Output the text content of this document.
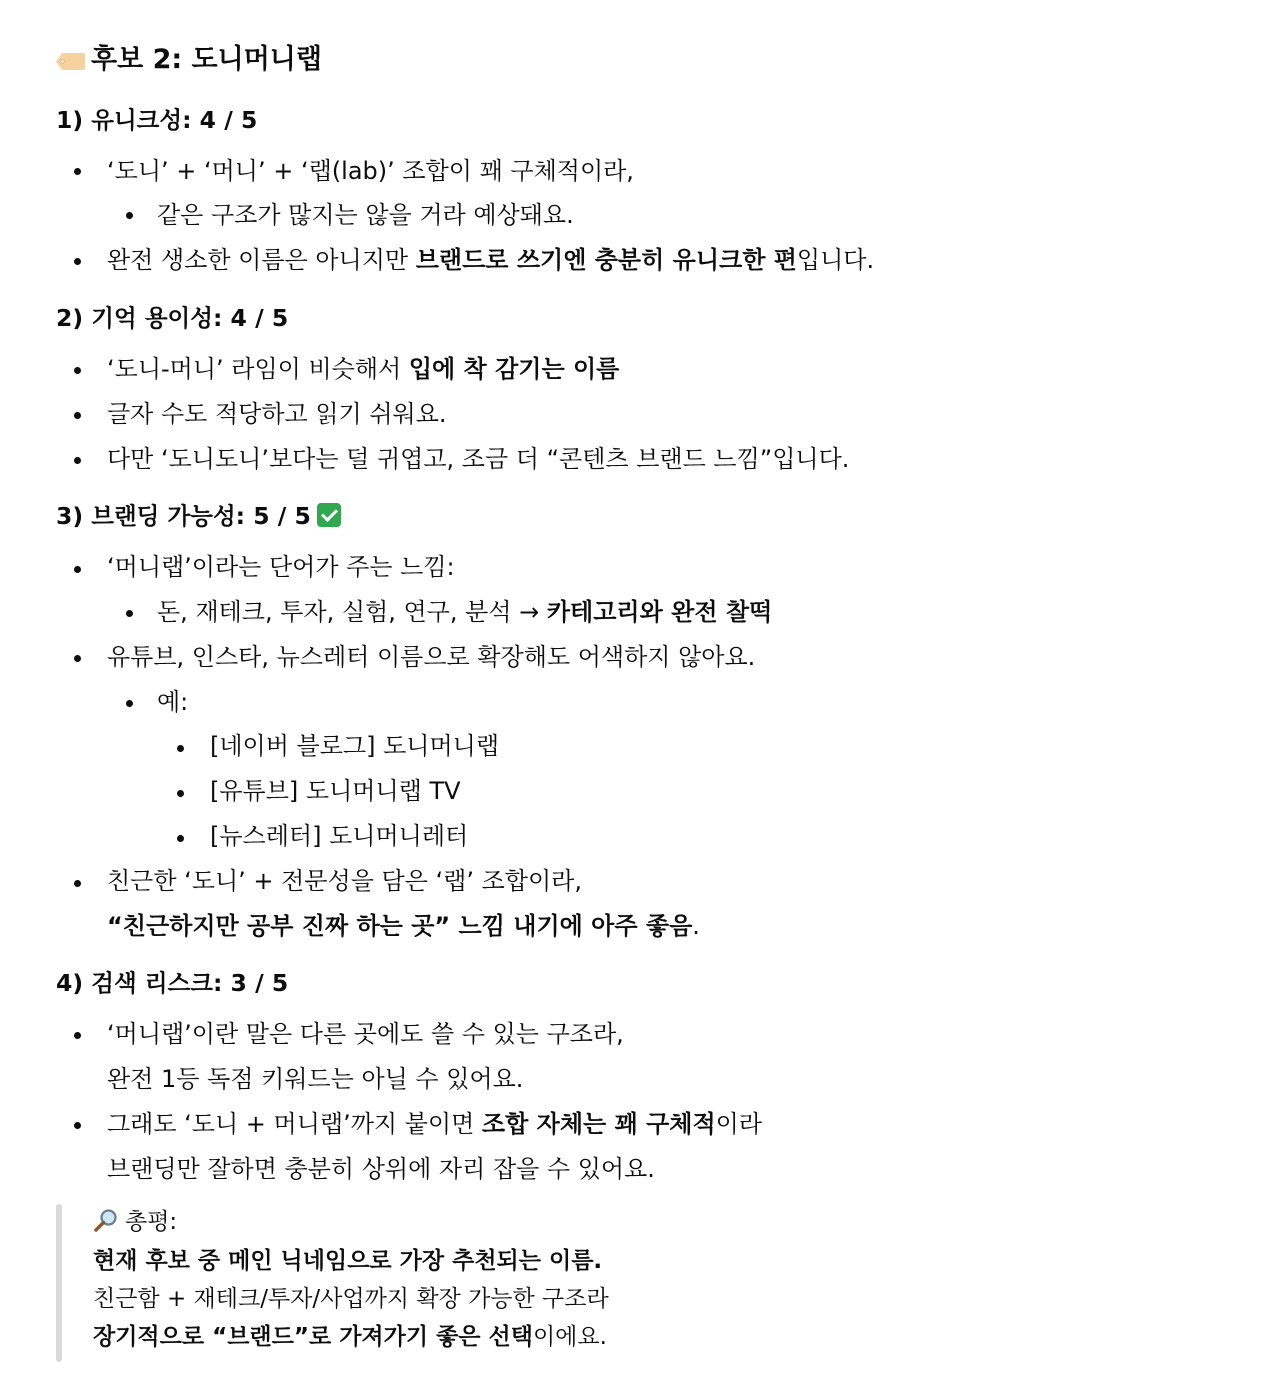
후보 2: 도니머니랩
1) 유니크성: 4 / 5
‘도니’ + ‘머니’ + ‘랩(lab)’ 조합이 꽤 구체적이라,
같은 구조가 많지는 않을 거라 예상돼요.
완전 생소한 이름은 아니지만 브랜드로 쓰기엔 충분히 유니크한 편입니다.
2) 기억 용이성: 4 / 5
‘도니-머니’ 라임이 비슷해서 입에 착 감기는 이름
글자 수도 적당하고 읽기 쉬워요.
다만 ‘도니도니’보다는 덜 귀엽고, 조금 더 “콘텐츠 브랜드 느낌”입니다.
3) 브랜딩 가능성: 5 / 5
‘머니랩’이라는 단어가 주는 느낌:
돈, 재테크, 투자, 실험, 연구, 분석 → 카테고리와 완전 찰떡
유튜브, 인스타, 뉴스레터 이름으로 확장해도 어색하지 않아요.
예:
[네이버 블로그] 도니머니랩
[유튜브] 도니머니랩 TV
[뉴스레터] 도니머니레터
친근한 ‘도니’ + 전문성을 담은 ‘랩’ 조합이라,
“친근하지만 공부 진짜 하는 곳” 느낌 내기에 아주 좋음.
4) 검색 리스크: 3 / 5
‘머니랩’이란 말은 다른 곳에도 쓸 수 있는 구조라,
완전 1등 독점 키워드는 아닐 수 있어요.
그래도 ‘도니 + 머니랩’까지 붙이면 조합 자체는 꽤 구체적이라
브랜딩만 잘하면 충분히 상위에 자리 잡을 수 있어요.
총평:
현재 후보 중 메인 닉네임으로 가장 추천되는 이름.
친근함 + 재테크/투자/사업까지 확장 가능한 구조라
장기적으로 “브랜드”로 가져가기 좋은 선택이에요.
